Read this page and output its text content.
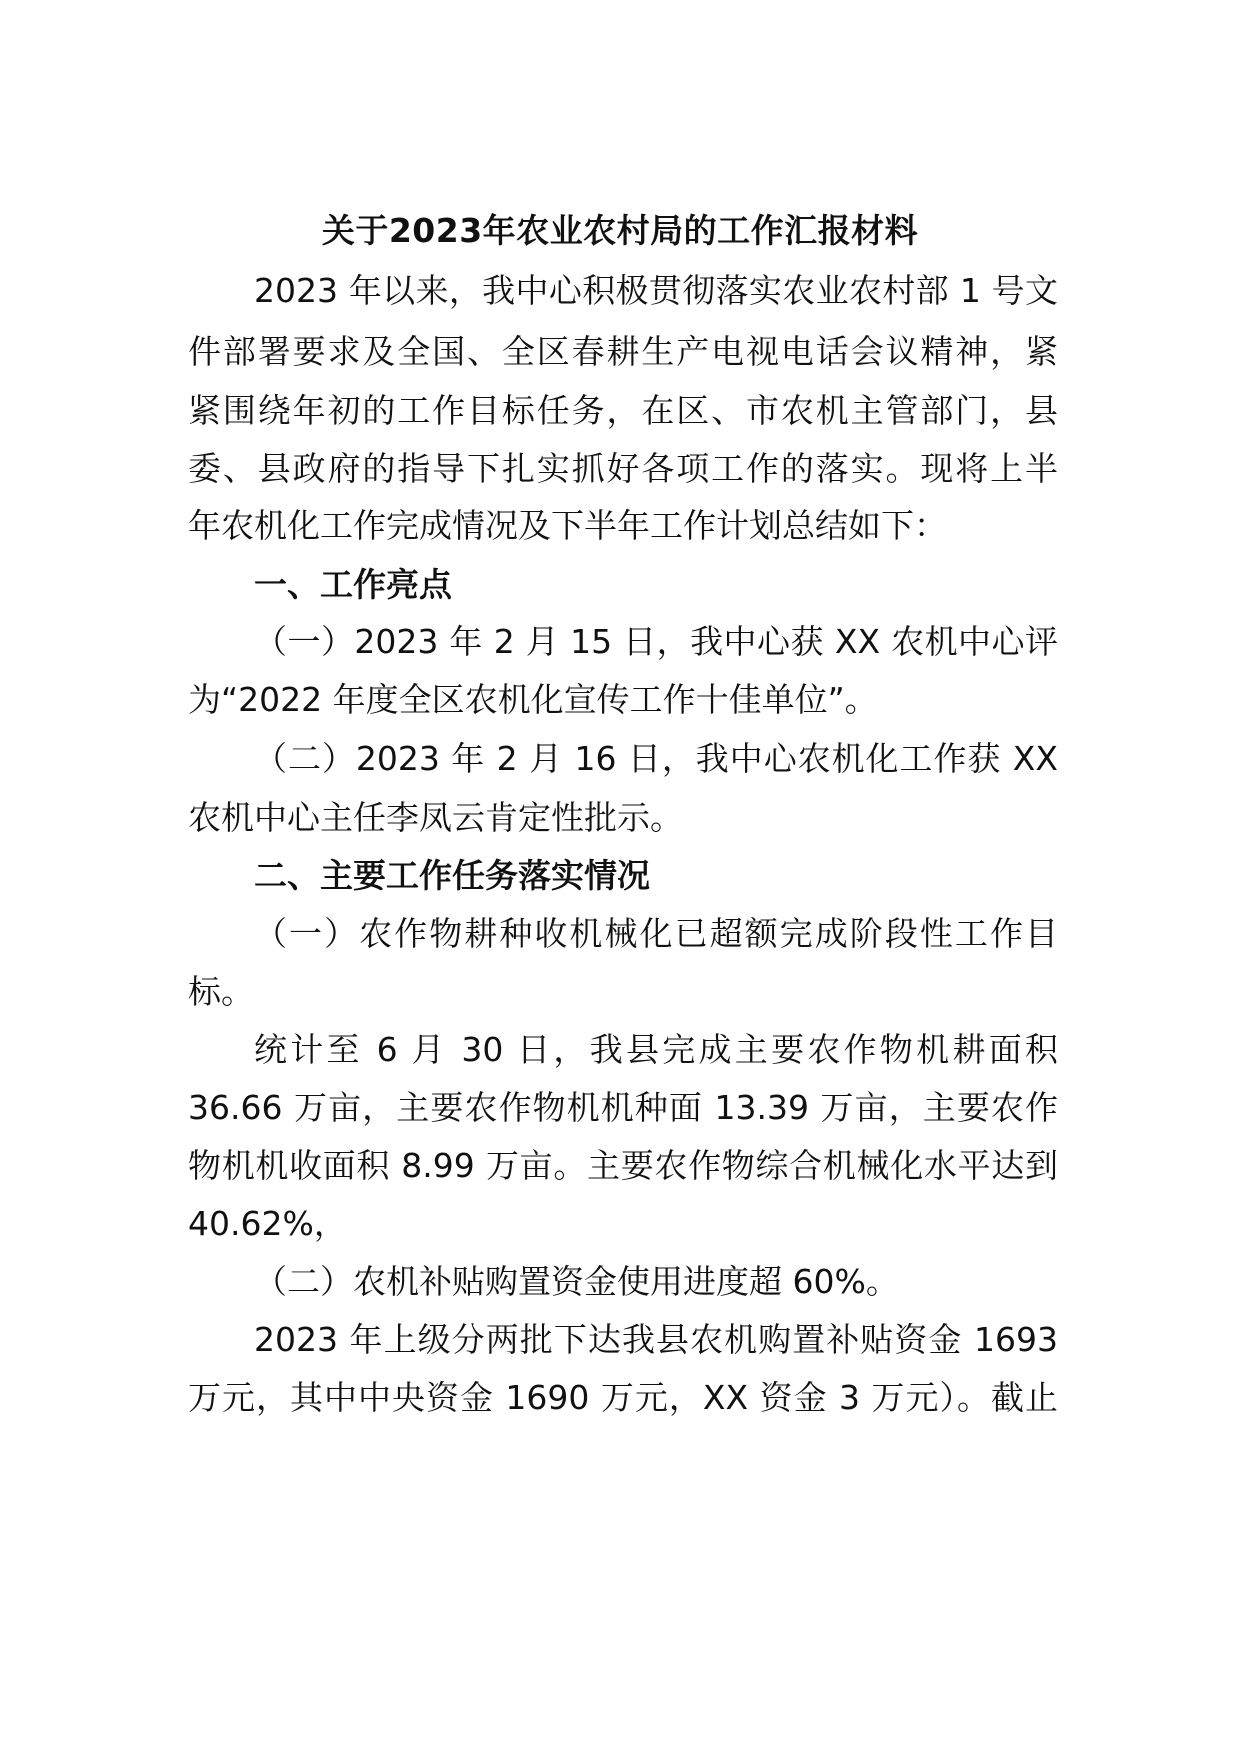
关于2023年农业农村局的工作汇报材料
2023 年以来，我中心积极贯彻落实农业农村部 1 号文
件部署要求及全国、全区春耕生产电视电话会议精神，紧
紧围绕年初的工作目标任务，在区、市农机主管部门，县
委、县政府的指导下扎实抓好各项工作的落实。现将上半
年农机化工作完成情况及下半年工作计划总结如下：
一、工作亮点
（一）2023 年 2 月 15 日，我中心获 XX 农机中心评
为“2022 年度全区农机化宣传工作十佳单位”。
（二）2023 年 2 月 16 日，我中心农机化工作获 XX
农机中心主任李凤云肯定性批示。
二、主要工作任务落实情况
（一）农作物耕种收机械化已超额完成阶段性工作目
标。
统计至 6 月 30 日，我县完成主要农作物机耕面积
36.66 万亩，主要农作物机机种面 13.39 万亩，主要农作
物机机收面积 8.99 万亩。主要农作物综合机械化水平达到
40.62%，
（二）农机补贴购置资金使用进度超 60%。
2023 年上级分两批下达我县农机购置补贴资金 1693
万元，其中中央资金 1690 万元，XX 资金 3 万元）。截止
